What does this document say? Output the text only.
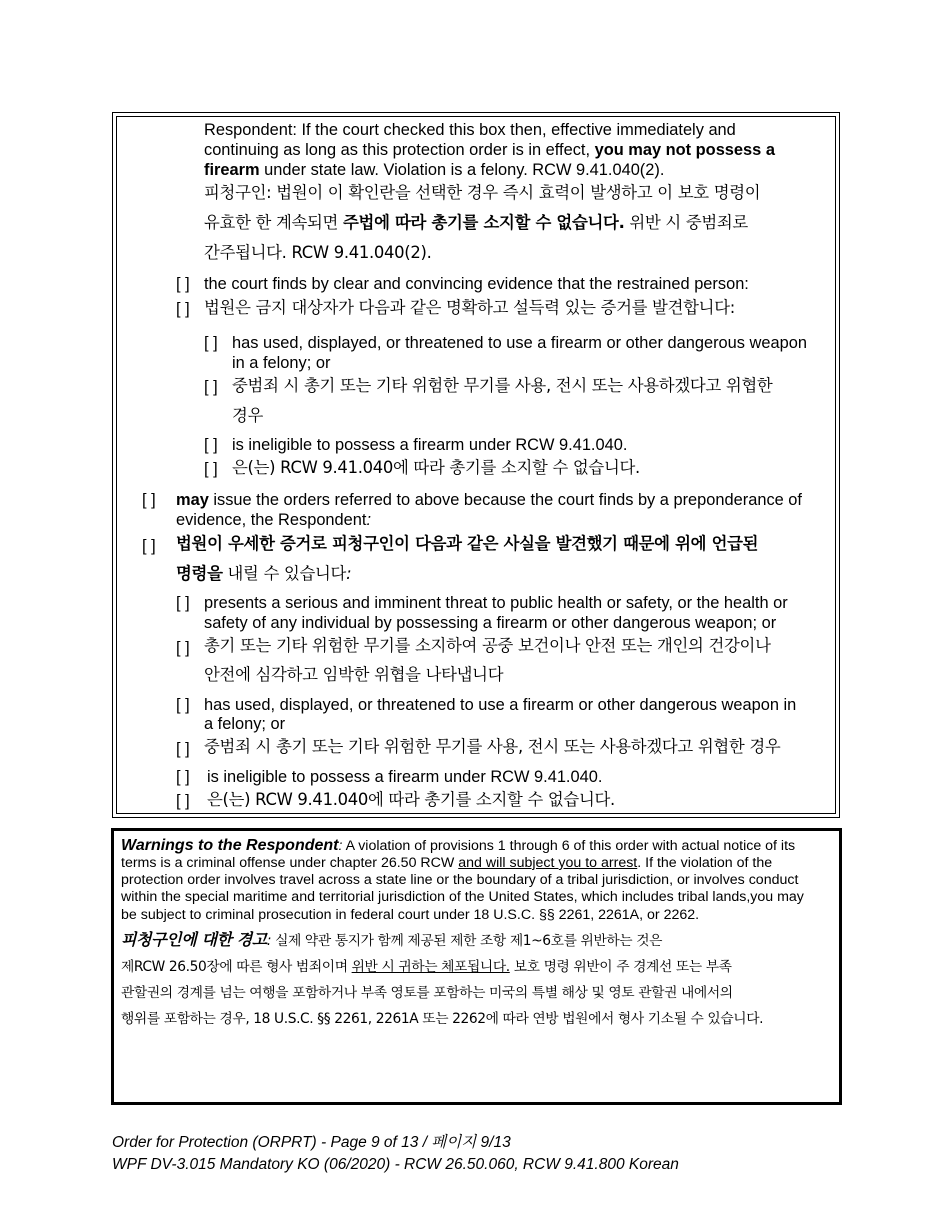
Respondent: If the court checked this box then, effective immediately and
continuing as long as this protection order is in effect, you may not possess a
firearm under state law. Violation is a felony. RCW 9.41.040(2).
피청구인: 법원이 이 확인란을 선택한 경우 즉시 효력이 발생하고 이 보호 명령이
유효한 한 계속되면 주법에 따라 총기를 소지할 수 없습니다. 위반 시 중범죄로
간주됩니다. RCW 9.41.040(2).
[ ] the court finds by clear and convincing evidence that the restrained person:
[ ] 법원은 금지 대상자가 다음과 같은 명확하고 설득력 있는 증거를 발견합니다:
[ ] has used, displayed, or threatened to use a firearm or other dangerous weapon
in a felony; or
[ ] 중범죄 시 총기 또는 기타 위험한 무기를 사용, 전시 또는 사용하겠다고 위협한
경우
[ ] is ineligible to possess a firearm under RCW 9.41.040.
[ ] 은(는) RCW 9.41.040에 따라 총기를 소지할 수 없습니다.
[ ] may issue the orders referred to above because the court finds by a preponderance of
evidence, the Respondent:
[ ] 법원이 우세한 증거로 피청구인이 다음과 같은 사실을 발견했기 때문에 위에 언급된
명령을 내릴 수 있습니다:
[ ] presents a serious and imminent threat to public health or safety, or the health or
safety of any individual by possessing a firearm or other dangerous weapon; or
[ ] 총기 또는 기타 위험한 무기를 소지하여 공중 보건이나 안전 또는 개인의 건강이나
안전에 심각하고 임박한 위협을 나타냅니다
[ ] has used, displayed, or threatened to use a firearm or other dangerous weapon in
a felony; or
[ ] 중범죄 시 총기 또는 기타 위험한 무기를 사용, 전시 또는 사용하겠다고 위협한 경우
[ ] is ineligible to possess a firearm under RCW 9.41.040.
[ ] 은(는) RCW 9.41.040에 따라 총기를 소지할 수 없습니다.
Warnings to the Respondent: A violation of provisions 1 through 6 of this order with actual notice of its
terms is a criminal offense under chapter 26.50 RCW and will subject you to arrest. If the violation of the
protection order involves travel across a state line or the boundary of a tribal jurisdiction, or involves conduct
within the special maritime and territorial jurisdiction of the United States, which includes tribal lands,you may
be subject to criminal prosecution in federal court under 18 U.S.C. §§ 2261, 2261A, or 2262.
피청구인에 대한 경고: 실제 약관 통지가 함께 제공된 제한 조항 제1~6호를 위반하는 것은
제RCW 26.50장에 따른 형사 범죄이며 위반 시 귀하는 체포됩니다. 보호 명령 위반이 주 경계선 또는 부족
관할권의 경계를 넘는 여행을 포함하거나 부족 영토를 포함하는 미국의 특별 해상 및 영토 관할권 내에서의
행위를 포함하는 경우, 18 U.S.C. §§ 2261, 2261A 또는 2262에 따라 연방 법원에서 형사 기소될 수 있습니다.
Order for Protection (ORPRT) - Page 9 of 13 / 페이지 9/13
WPF DV-3.015 Mandatory KO (06/2020) - RCW 26.50.060, RCW 9.41.800 Korean
